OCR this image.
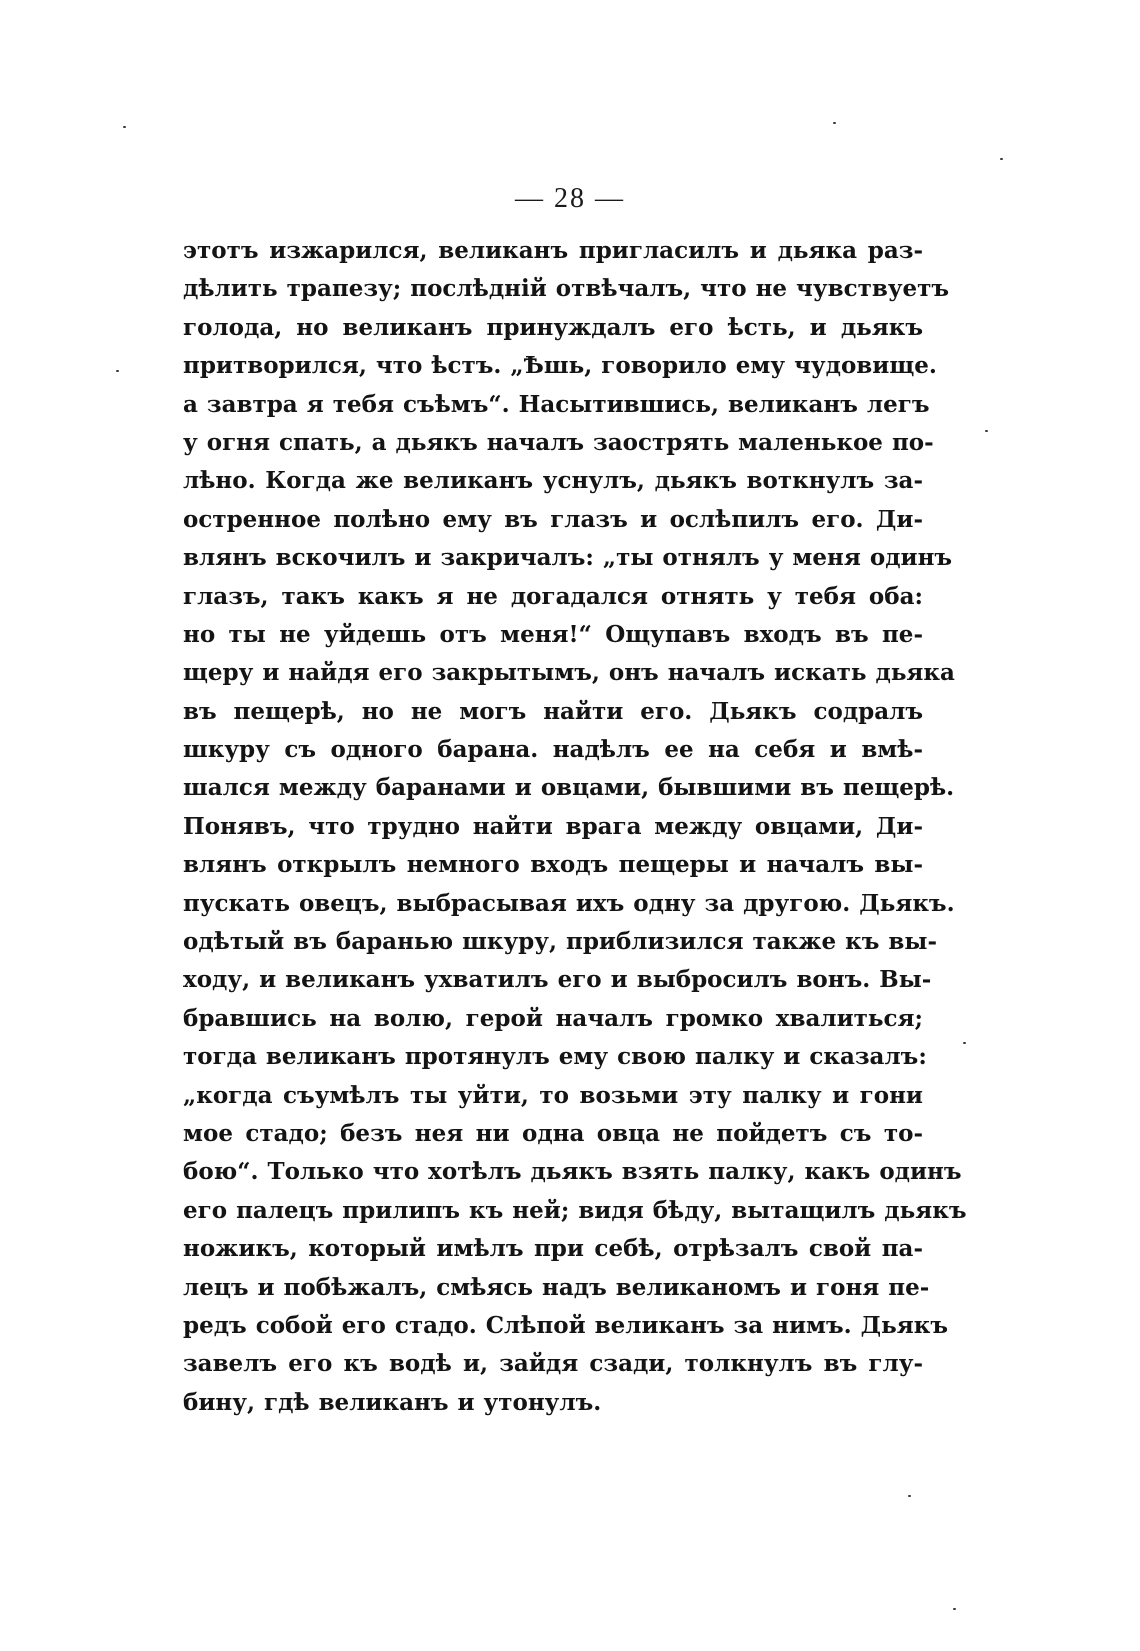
— 28 —
этотъ изжарился, великанъ пригласилъ и дьяка раз-
дѣлить трапезу; послѣдній отвѣчалъ, что не чувствуетъ
голода, но великанъ принуждалъ его ѣсть, и дьякъ
притворился, что ѣстъ. „Ѣшь, говорило ему чудовище.
а завтра я тебя съѣмъ“. Насытившись, великанъ легъ
у огня спать, а дьякъ началъ заострять маленькое по-
лѣно. Когда же великанъ уснулъ, дьякъ воткнулъ за-
остренное полѣно ему въ глазъ и ослѣпилъ его. Ди-
влянъ вскочилъ и закричалъ: „ты отнялъ у меня одинъ
глазъ, такъ какъ я не догадался отнять у тебя оба:
но ты не уйдешь отъ меня!“ Ощупавъ входъ въ пе-
щеру и найдя его закрытымъ, онъ началъ искать дьяка
въ пещерѣ, но не могъ найти его. Дьякъ содралъ
шкуру съ одного барана. надѣлъ ее на себя и вмѣ-
шался между баранами и овцами, бывшими въ пещерѣ.
Понявъ, что трудно найти врага между овцами, Ди-
влянъ открылъ немного входъ пещеры и началъ вы-
пускать овецъ, выбрасывая ихъ одну за другою. Дьякъ.
одѣтый въ баранью шкуру, приблизился также къ вы-
ходу, и великанъ ухватилъ его и выбросилъ вонъ. Вы-
бравшись на волю, герой началъ громко хвалиться;
тогда великанъ протянулъ ему свою палку и сказалъ:
„когда съумѣлъ ты уйти, то возьми эту палку и гони
мое стадо; безъ нея ни одна овца не пойдетъ съ то-
бою“. Только что хотѣлъ дьякъ взять палку, какъ одинъ
его палецъ прилипъ къ ней; видя бѣду, вытащилъ дьякъ
ножикъ, который имѣлъ при себѣ, отрѣзалъ свой па-
лецъ и побѣжалъ, смѣясь надъ великаномъ и гоня пе-
редъ собой его стадо. Слѣпой великанъ за нимъ. Дьякъ
завелъ его къ водѣ и, зайдя сзади, толкнулъ въ глу-
бину, гдѣ великанъ и утонулъ.
